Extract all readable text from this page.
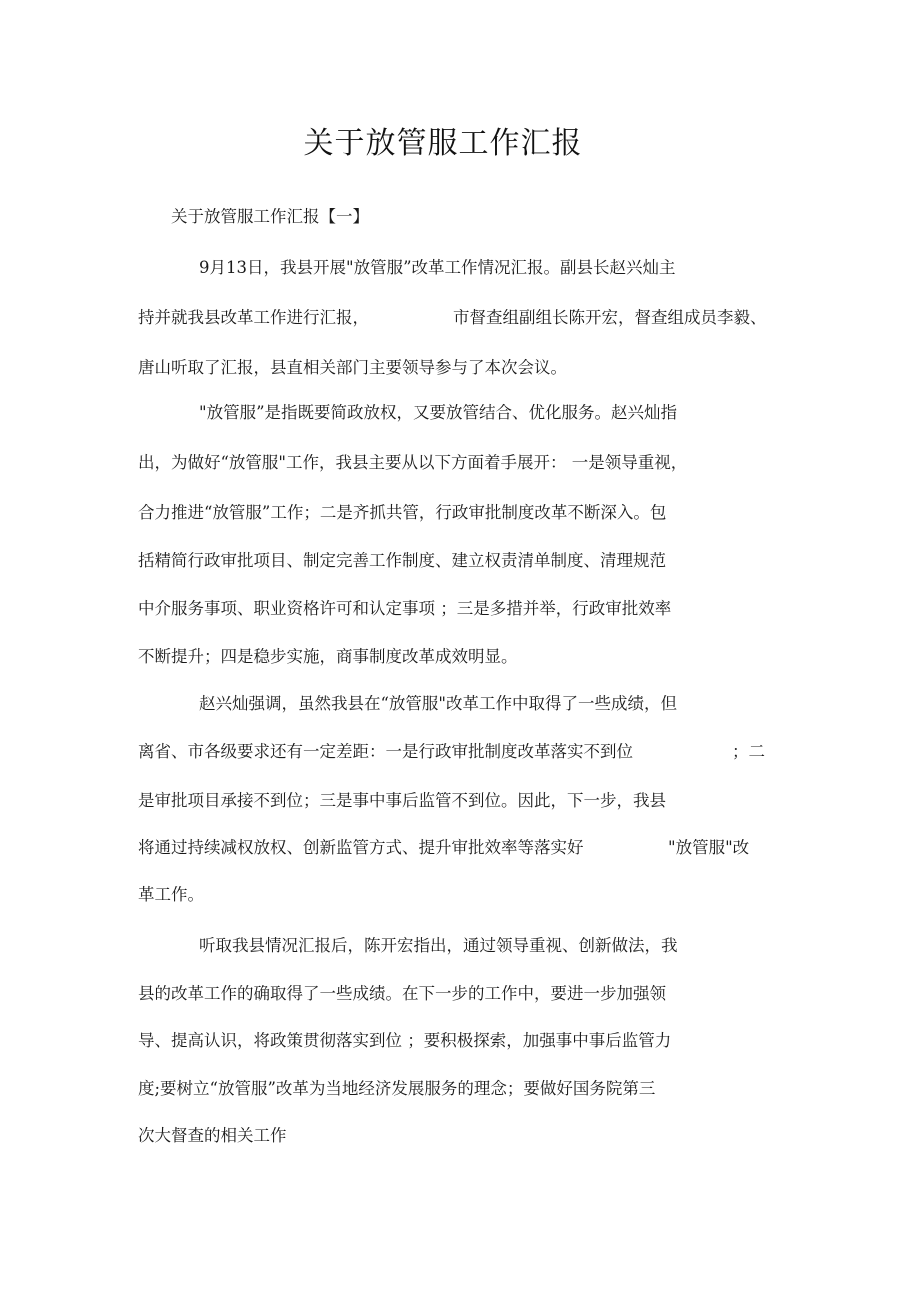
关于放管服工作汇报
关于放管服工作汇报【一】
9月13日，我县开展"放管服”改革工作情况汇报。副县长赵兴灿主
持并就我县改革工作进行汇报，	市督查组副组长陈开宏，督查组成员李毅、
唐山听取了汇报，县直相关部门主要领导参与了本次会议。
"放管服”是指既要简政放权，又要放管结合、优化服务。赵兴灿指
出，为做好“放管服"工作，我县主要从以下方面着手展开： 一是领导重视，
合力推进“放管服”工作；二是齐抓共管，行政审批制度改革不断深入。包
括精简行政审批项目、制定完善工作制度、建立权责清单制度、清理规范
中介服务事项、职业资格许可和认定事项 ；三是多措并举，行政审批效率
不断提升；四是稳步实施，商事制度改革成效明显。
赵兴灿强调，虽然我县在“放管服"改革工作中取得了一些成绩，但
离省、市各级要求还有一定差距：一是行政审批制度改革落实不到位	；二
是审批项目承接不到位；三是事中事后监管不到位。因此，下一步，我县
将通过持续减权放权、创新监管方式、提升审批效率等落实好	"放管服"改
革工作。
听取我县情况汇报后，陈开宏指出，通过领导重视、创新做法，我
县的改革工作的确取得了一些成绩。在下一步的工作中，要进一步加强领
导、提高认识，将政策贯彻落实到位 ；要积极探索，加强事中事后监管力
度;要树立“放管服”改革为当地经济发展服务的理念；要做好国务院第三
次大督查的相关工作
